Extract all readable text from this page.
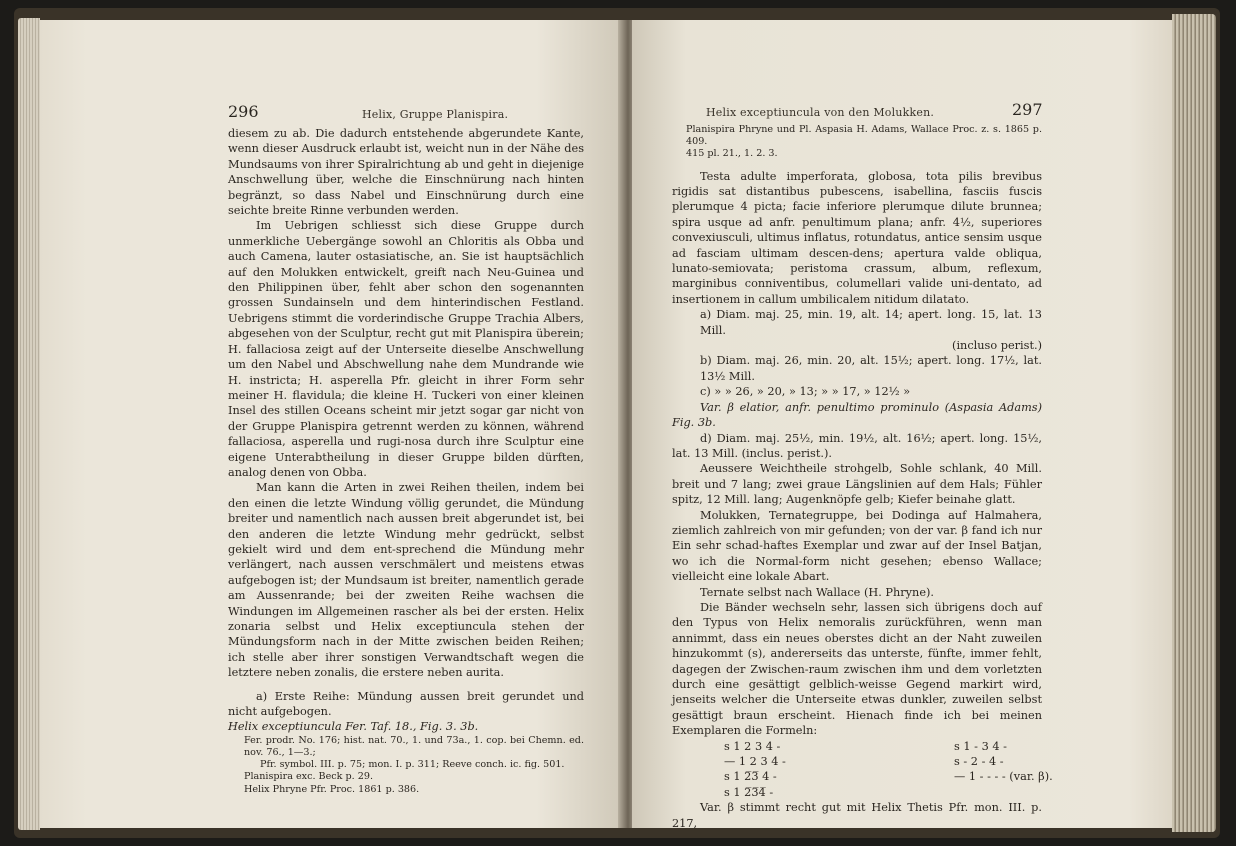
296	Helix, Gruppe Planispira.

diesem zu ab. Die dadurch entstehende abgerundete Kante, wenn dieser Ausdruck erlaubt ist, weicht nun in der Nähe des Mundsaums von ihrer Spiralrichtung ab und geht in diejenige Anschwellung über, welche die Einschnürung nach hinten begränzt, so dass Nabel und Einschnürung durch eine seichte breite Rinne verbunden werden.

Im Uebrigen schliesst sich diese Gruppe durch unmerkliche Uebergänge sowohl an Chloritis als Obba und auch Camena, lauter ostasiatische, an. Sie ist hauptsächlich auf den Molukken entwickelt, greift nach Neu-Guinea und den Philippinen über, fehlt aber schon den sogenannten grossen Sundainseln und dem hinterindischen Festland. Uebrigens stimmt die vorderindische Gruppe Trachia Albers, abgesehen von der Sculptur, recht gut mit Planispira überein; H. fallaciosa zeigt auf der Unterseite dieselbe Anschwellung um den Nabel und Abschwellung nahe dem Mundrande wie H. instricta; H. asperella Pfr. gleicht in ihrer Form sehr meiner H. flavidula; die kleine H. Tuckeri von einer kleinen Insel des stillen Oceans scheint mir jetzt sogar gar nicht von der Gruppe Planispira getrennt werden zu können, während fallaciosa, asperella und rugi-nosa durch ihre Sculptur eine eigene Unterabtheilung in dieser Gruppe bilden dürften, analog denen von Obba.

Man kann die Arten in zwei Reihen theilen, indem bei den einen die letzte Windung völlig gerundet, die Mündung breiter und namentlich nach aussen breit abgerundet ist, bei den anderen die letzte Windung mehr gedrückt, selbst gekielt wird und dem ent-sprechend die Mündung mehr verlängert, nach aussen verschmälert und meistens etwas aufgebogen ist; der Mundsaum ist breiter, namentlich gerade am Aussenrande; bei der zweiten Reihe wachsen die Windungen im Allgemeinen rascher als bei der ersten. Helix zonaria selbst und Helix exceptiuncula stehen der Mündungsform nach in der Mitte zwischen beiden Reihen; ich stelle aber ihrer sonstigen Verwandtschaft wegen die letztere neben zonalis, die erstere neben aurita.

a) Erste Reihe: Mündung aussen breit gerundet und nicht aufgebogen.

Helix exceptiuncula Fer. Taf. 18., Fig. 3. 3b.

Fer. prodr. No. 176; hist. nat. 70., 1. und 73a., 1. cop. bei Chemn. ed. nov. 76., 1—3.;

Pfr. symbol. III. p. 75; mon. I. p. 311; Reeve conch. ic. fig. 501.

Planispira exc. Beck p. 29.

Helix Phryne Pfr. Proc. 1861 p. 386.

Helix exceptiuncula von den Molukken.	297

Planispira Phryne und Pl. Aspasia H. Adams, Wallace Proc. z. s. 1865 p. 409.

415 pl. 21., 1. 2. 3.

Testa adulte imperforata, globosa, tota pilis brevibus rigidis sat distantibus pubescens, isabellina, fasciis fuscis plerumque 4 picta; facie inferiore plerumque dilute brunnea; spira usque ad anfr. penultimum plana; anfr. 4½, superiores convexiusculi, ultimus inflatus, rotundatus, antice sensim usque ad fasciam ultimam descen-dens; apertura valde obliqua, lunato-semiovata; peristoma crassum, album, reflexum, marginibus conniventibus, columellari valide uni-dentato, ad insertionem in callum umbilicalem nitidum dilatato.

a) Diam. maj. 25, min. 19, alt. 14; apert. long. 15, lat. 13 Mill.

(incluso perist.)

b) Diam. maj. 26, min. 20, alt. 15½; apert. long. 17½, lat. 13½ Mill.

c) » » 26, » 20, » 13; » » 17, » 12½ »

Var. β elatior, anfr. penultimo prominulo (Aspasia Adams) Fig. 3b.

d) Diam. maj. 25½, min. 19½, alt. 16½; apert. long. 15½, lat. 13 Mill. (inclus. perist.).

Aeussere Weichtheile strohgelb, Sohle schlank, 40 Mill. breit und 7 lang; zwei graue Längslinien auf dem Hals; Fühler spitz, 12 Mill. lang; Augenknöpfe gelb; Kiefer beinahe glatt.

Molukken, Ternategruppe, bei Dodinga auf Halmahera, ziemlich zahlreich von mir gefunden; von der var. β fand ich nur Ein sehr schad-haftes Exemplar und zwar auf der Insel Batjan, wo ich die Normal-form nicht gesehen; ebenso Wallace; vielleicht eine lokale Abart.

Ternate selbst nach Wallace (H. Phryne).

Die Bänder wechseln sehr, lassen sich übrigens doch auf den Typus von Helix nemoralis zurückführen, wenn man annimmt, dass ein neues oberstes dicht an der Naht zuweilen hinzukommt (s), andererseits das unterste, fünfte, immer fehlt, dagegen der Zwischen-raum zwischen ihm und dem vorletzten durch eine gesättigt gelblich-weisse Gegend markirt wird, jenseits welcher die Unterseite etwas dunkler, zuweilen selbst gesättigt braun erscheint. Hienach finde ich bei meinen Exemplaren die Formeln:

s 1 2 3 4 -	s 1 - 3 4 -
— 1 2 3 4 -	s - 2 - 4 -
s 1 2̅3̅ 4 -	— 1 - - - - (var. β).
s 1 2̅3̅4̅ -

Var. β stimmt recht gut mit Helix Thetis Pfr. mon. III. p. 217,
